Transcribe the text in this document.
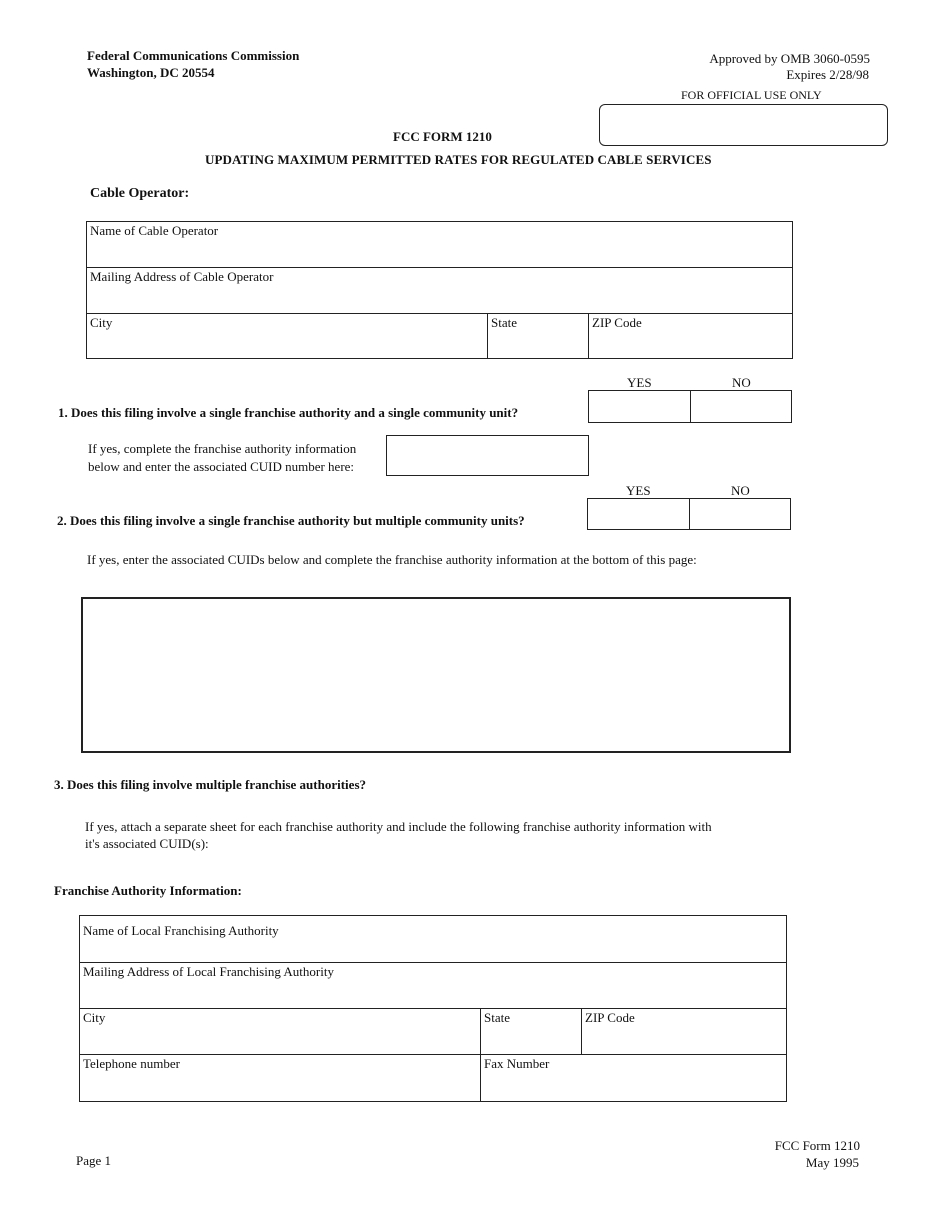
Federal Communications Commission
Washington, DC 20554
Approved by OMB 3060-0595
Expires 2/28/98
FOR OFFICIAL USE ONLY
FCC FORM 1210
UPDATING MAXIMUM PERMITTED RATES FOR REGULATED CABLE SERVICES
Cable Operator:
Name of Cable Operator
Mailing Address of Cable Operator
City	State	ZIP Code
YES	NO
1. Does this filing involve a single franchise authority and a single community unit?
If yes, complete the franchise authority information
below and enter the associated CUID number here:
YES	NO
2. Does this filing involve a single franchise authority but multiple community units?
If yes, enter the associated CUIDs below and complete the franchise authority information at the bottom of this page:
3. Does this filing involve multiple franchise authorities?
If yes, attach a separate sheet for each franchise authority and include the following franchise authority information with
it's associated CUID(s):
Franchise Authority Information:
Name of Local Franchising Authority
Mailing Address of Local Franchising Authority
City	State	ZIP Code
Telephone number	Fax Number
Page 1
FCC Form 1210
May 1995
